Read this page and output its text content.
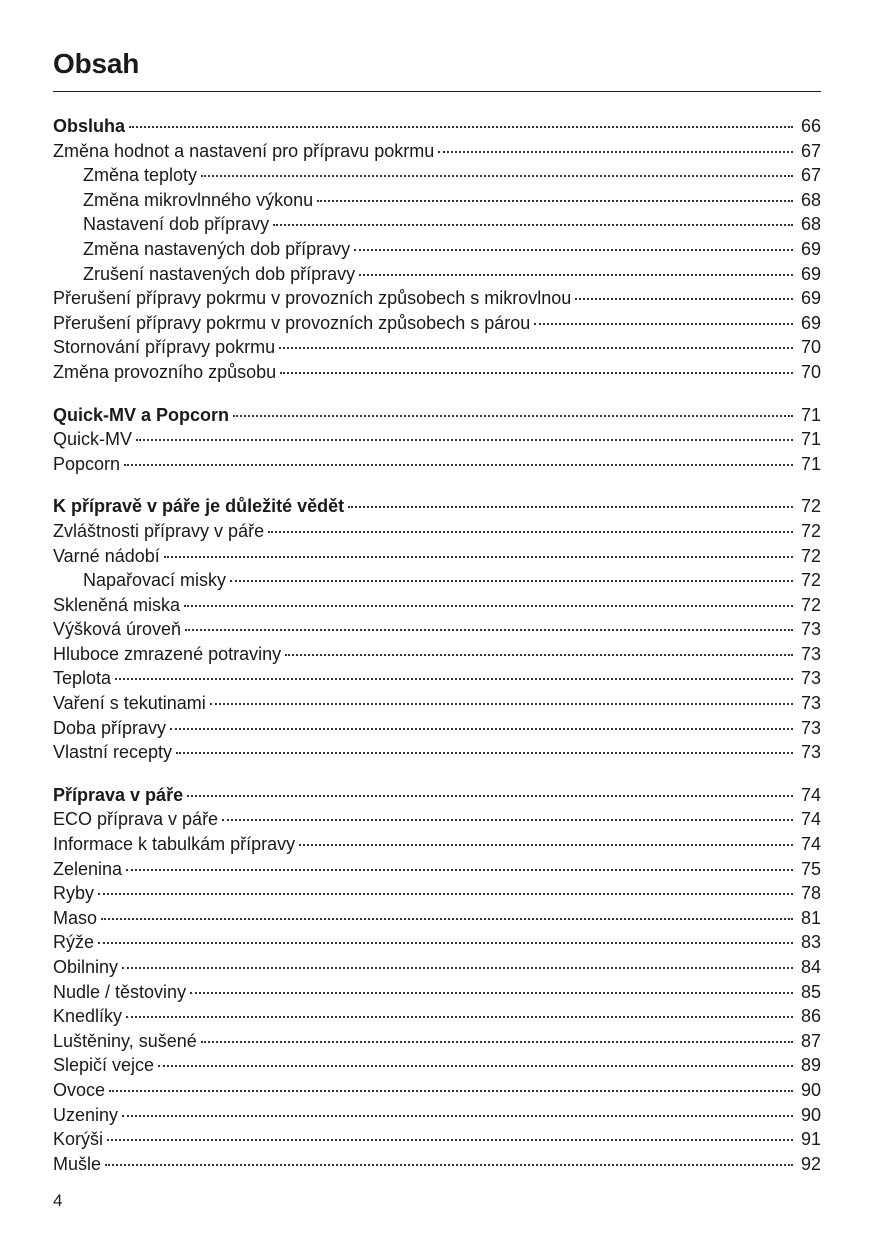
Obsah
Obsluha	66
Změna hodnot a nastavení pro přípravu pokrmu	67
Změna teploty	67
Změna mikrovlnného výkonu	68
Nastavení dob přípravy	68
Změna nastavených dob přípravy	69
Zrušení nastavených dob přípravy	69
Přerušení přípravy pokrmu v provozních způsobech s mikrovlnou	69
Přerušení přípravy pokrmu v provozních způsobech s párou	69
Stornování přípravy pokrmu	70
Změna provozního způsobu	70
Quick-MV a Popcorn	71
Quick-MV	71
Popcorn	71
K přípravě v páře je důležité vědět	72
Zvláštnosti přípravy v páře	72
Varné nádobí	72
Napařovací misky	72
Skleněná miska	72
Výšková úroveň	73
Hluboce zmrazené potraviny	73
Teplota	73
Vaření s tekutinami	73
Doba přípravy	73
Vlastní recepty	73
Příprava v páře	74
ECO příprava v páře	74
Informace k tabulkám přípravy	74
Zelenina	75
Ryby	78
Maso	81
Rýže	83
Obilniny	84
Nudle / těstoviny	85
Knedlíky	86
Luštěniny, sušené	87
Slepičí vejce	89
Ovoce	90
Uzeniny	90
Korýši	91
Mušle	92
4
